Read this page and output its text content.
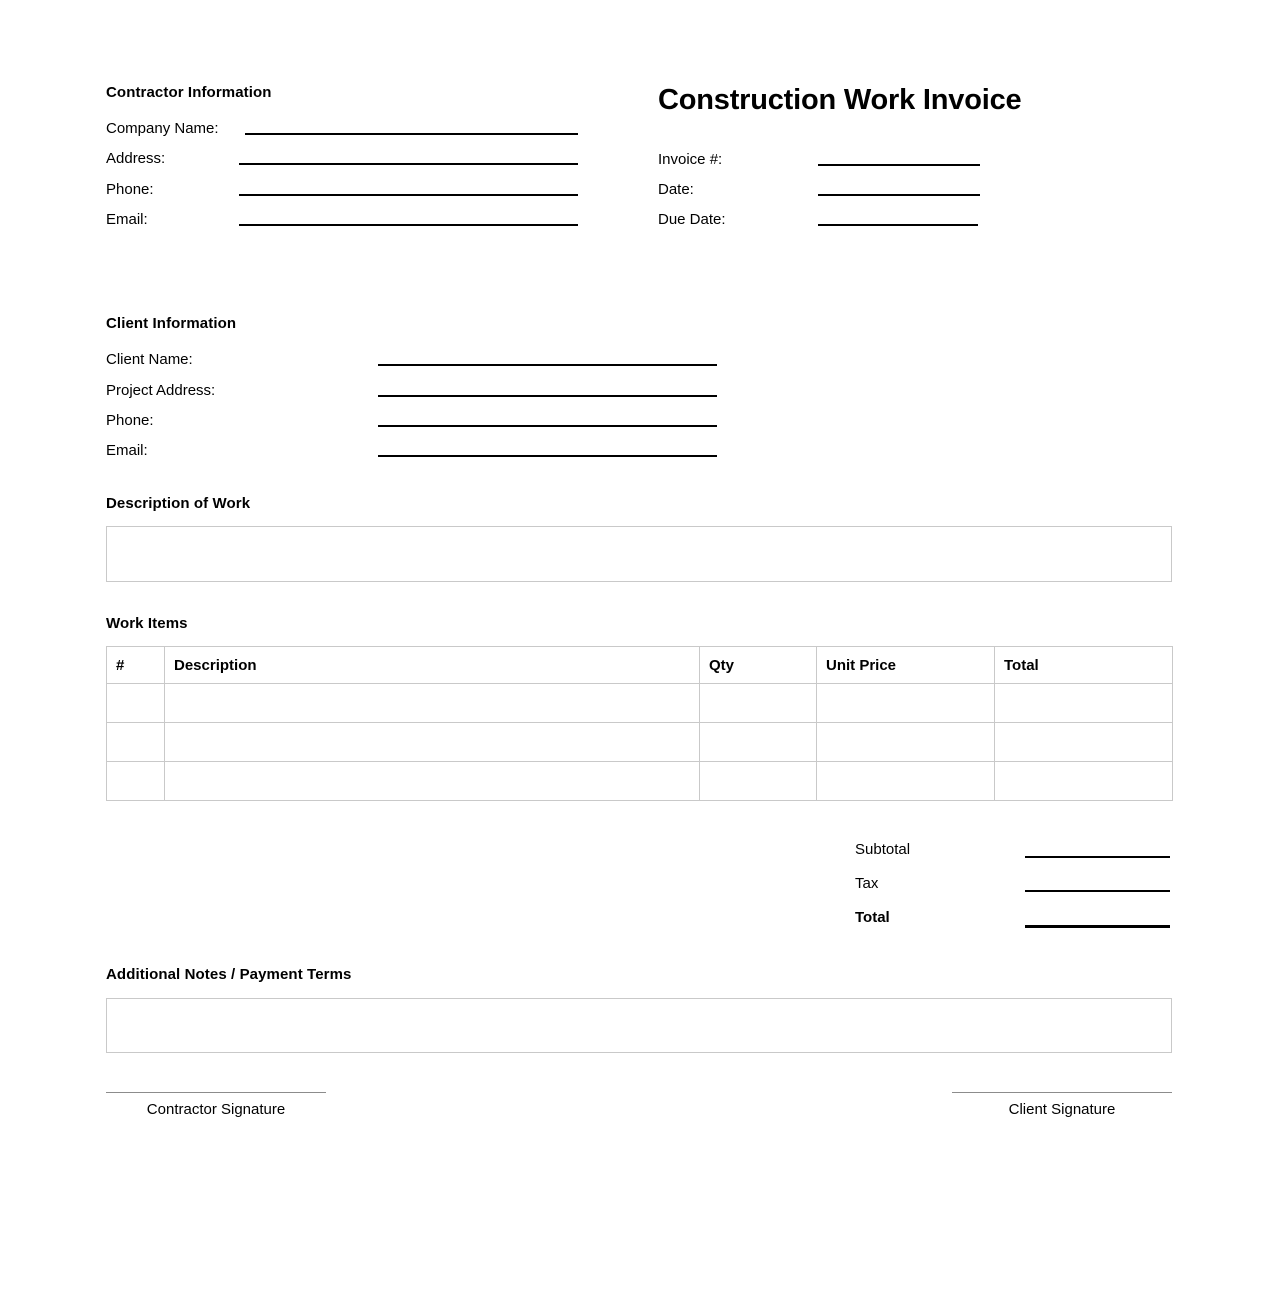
Contractor Information
Company Name:
Address:
Phone:
Email:
Construction Work Invoice
Invoice #:
Date:
Due Date:
Client Information
Client Name:
Project Address:
Phone:
Email:
Description of Work
Work Items
#	Description	Qty	Unit Price	Total

Subtotal
Tax
Total
Additional Notes / Payment Terms
Contractor Signature	Client Signature
